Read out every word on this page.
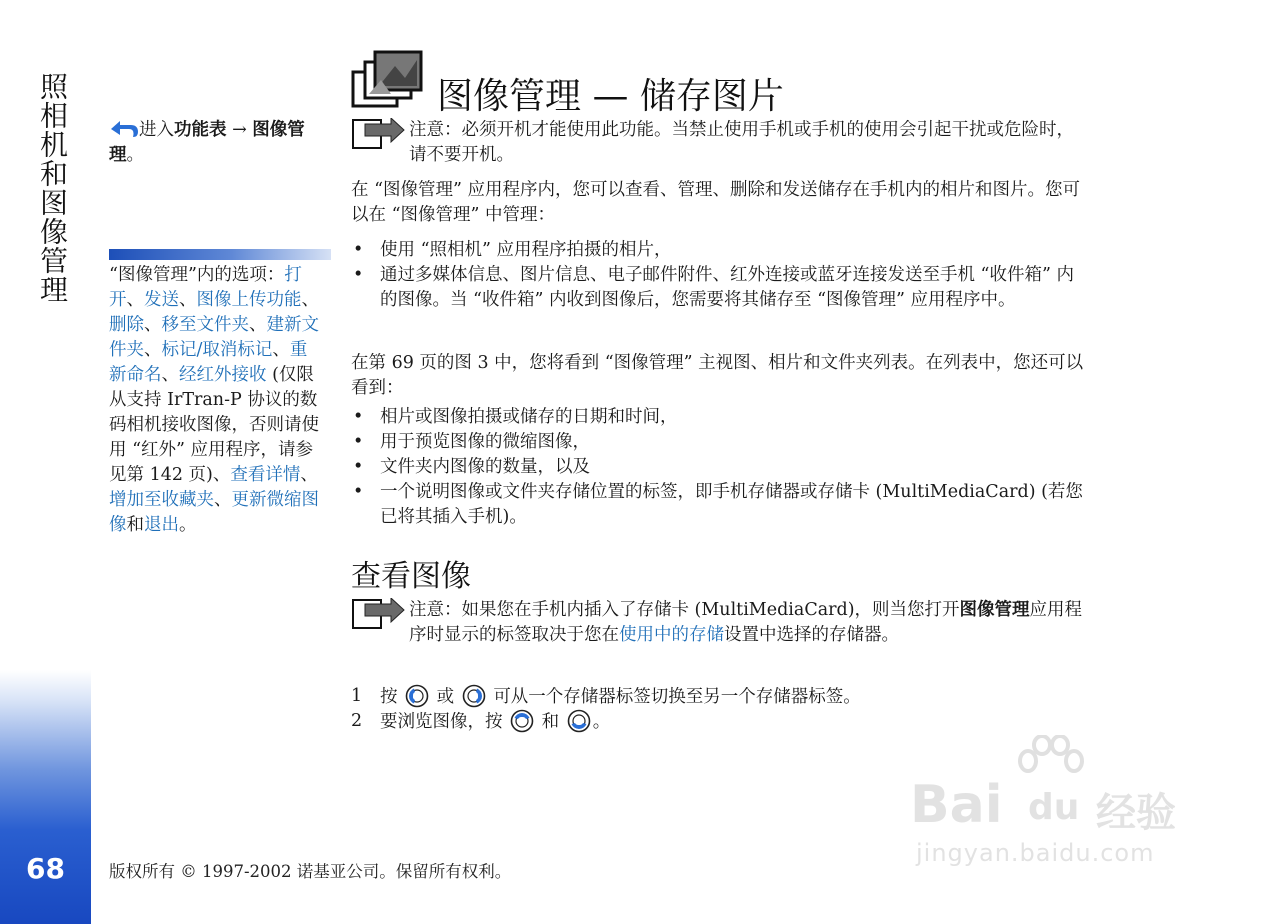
照相机和图像管理
68
进入功能表 → 图像管理。
“图像管理”内的选项：打开、发送、图像上传功能、删除、移至文件夹、建新文件夹、标记/取消标记、重新命名、经红外接收 (仅限从支持 IrTran-P 协议的数码相机接收图像，否则请使用 “红外” 应用程序，请参见第 142 页)、查看详情、增加至收藏夹、更新微缩图像和退出。
图像管理 — 储存图片
注意：必须开机才能使用此功能。当禁止使用手机或手机的使用会引起干扰或危险时，请不要开机。
在 “图像管理” 应用程序内，您可以查看、管理、删除和发送储存在手机内的相片和图片。您可以在 “图像管理” 中管理：
• 使用 “照相机” 应用程序拍摄的相片，
• 通过多媒体信息、图片信息、电子邮件附件、红外连接或蓝牙连接发送至手机 “收件箱” 内的图像。当 “收件箱” 内收到图像后，您需要将其储存至 “图像管理” 应用程序中。
在第 69 页的图 3 中，您将看到 “图像管理” 主视图、相片和文件夹列表。在列表中，您还可以看到：
• 相片或图像拍摄或储存的日期和时间，
• 用于预览图像的微缩图像，
• 文件夹内图像的数量，以及
• 一个说明图像或文件夹存储位置的标签，即手机存储器或存储卡 (MultiMediaCard) (若您已将其插入手机)。
查看图像
注意：如果您在手机内插入了存储卡 (MultiMediaCard)，则当您打开图像管理应用程序时显示的标签取决于您在使用中的存储设置中选择的存储器。
1 按 或 可从一个存储器标签切换至另一个存储器标签。
2 要浏览图像，按 和 。
版权所有 © 1997-2002 诺基亚公司。保留所有权利。
Bai du 经验
jingyan.baidu.com
